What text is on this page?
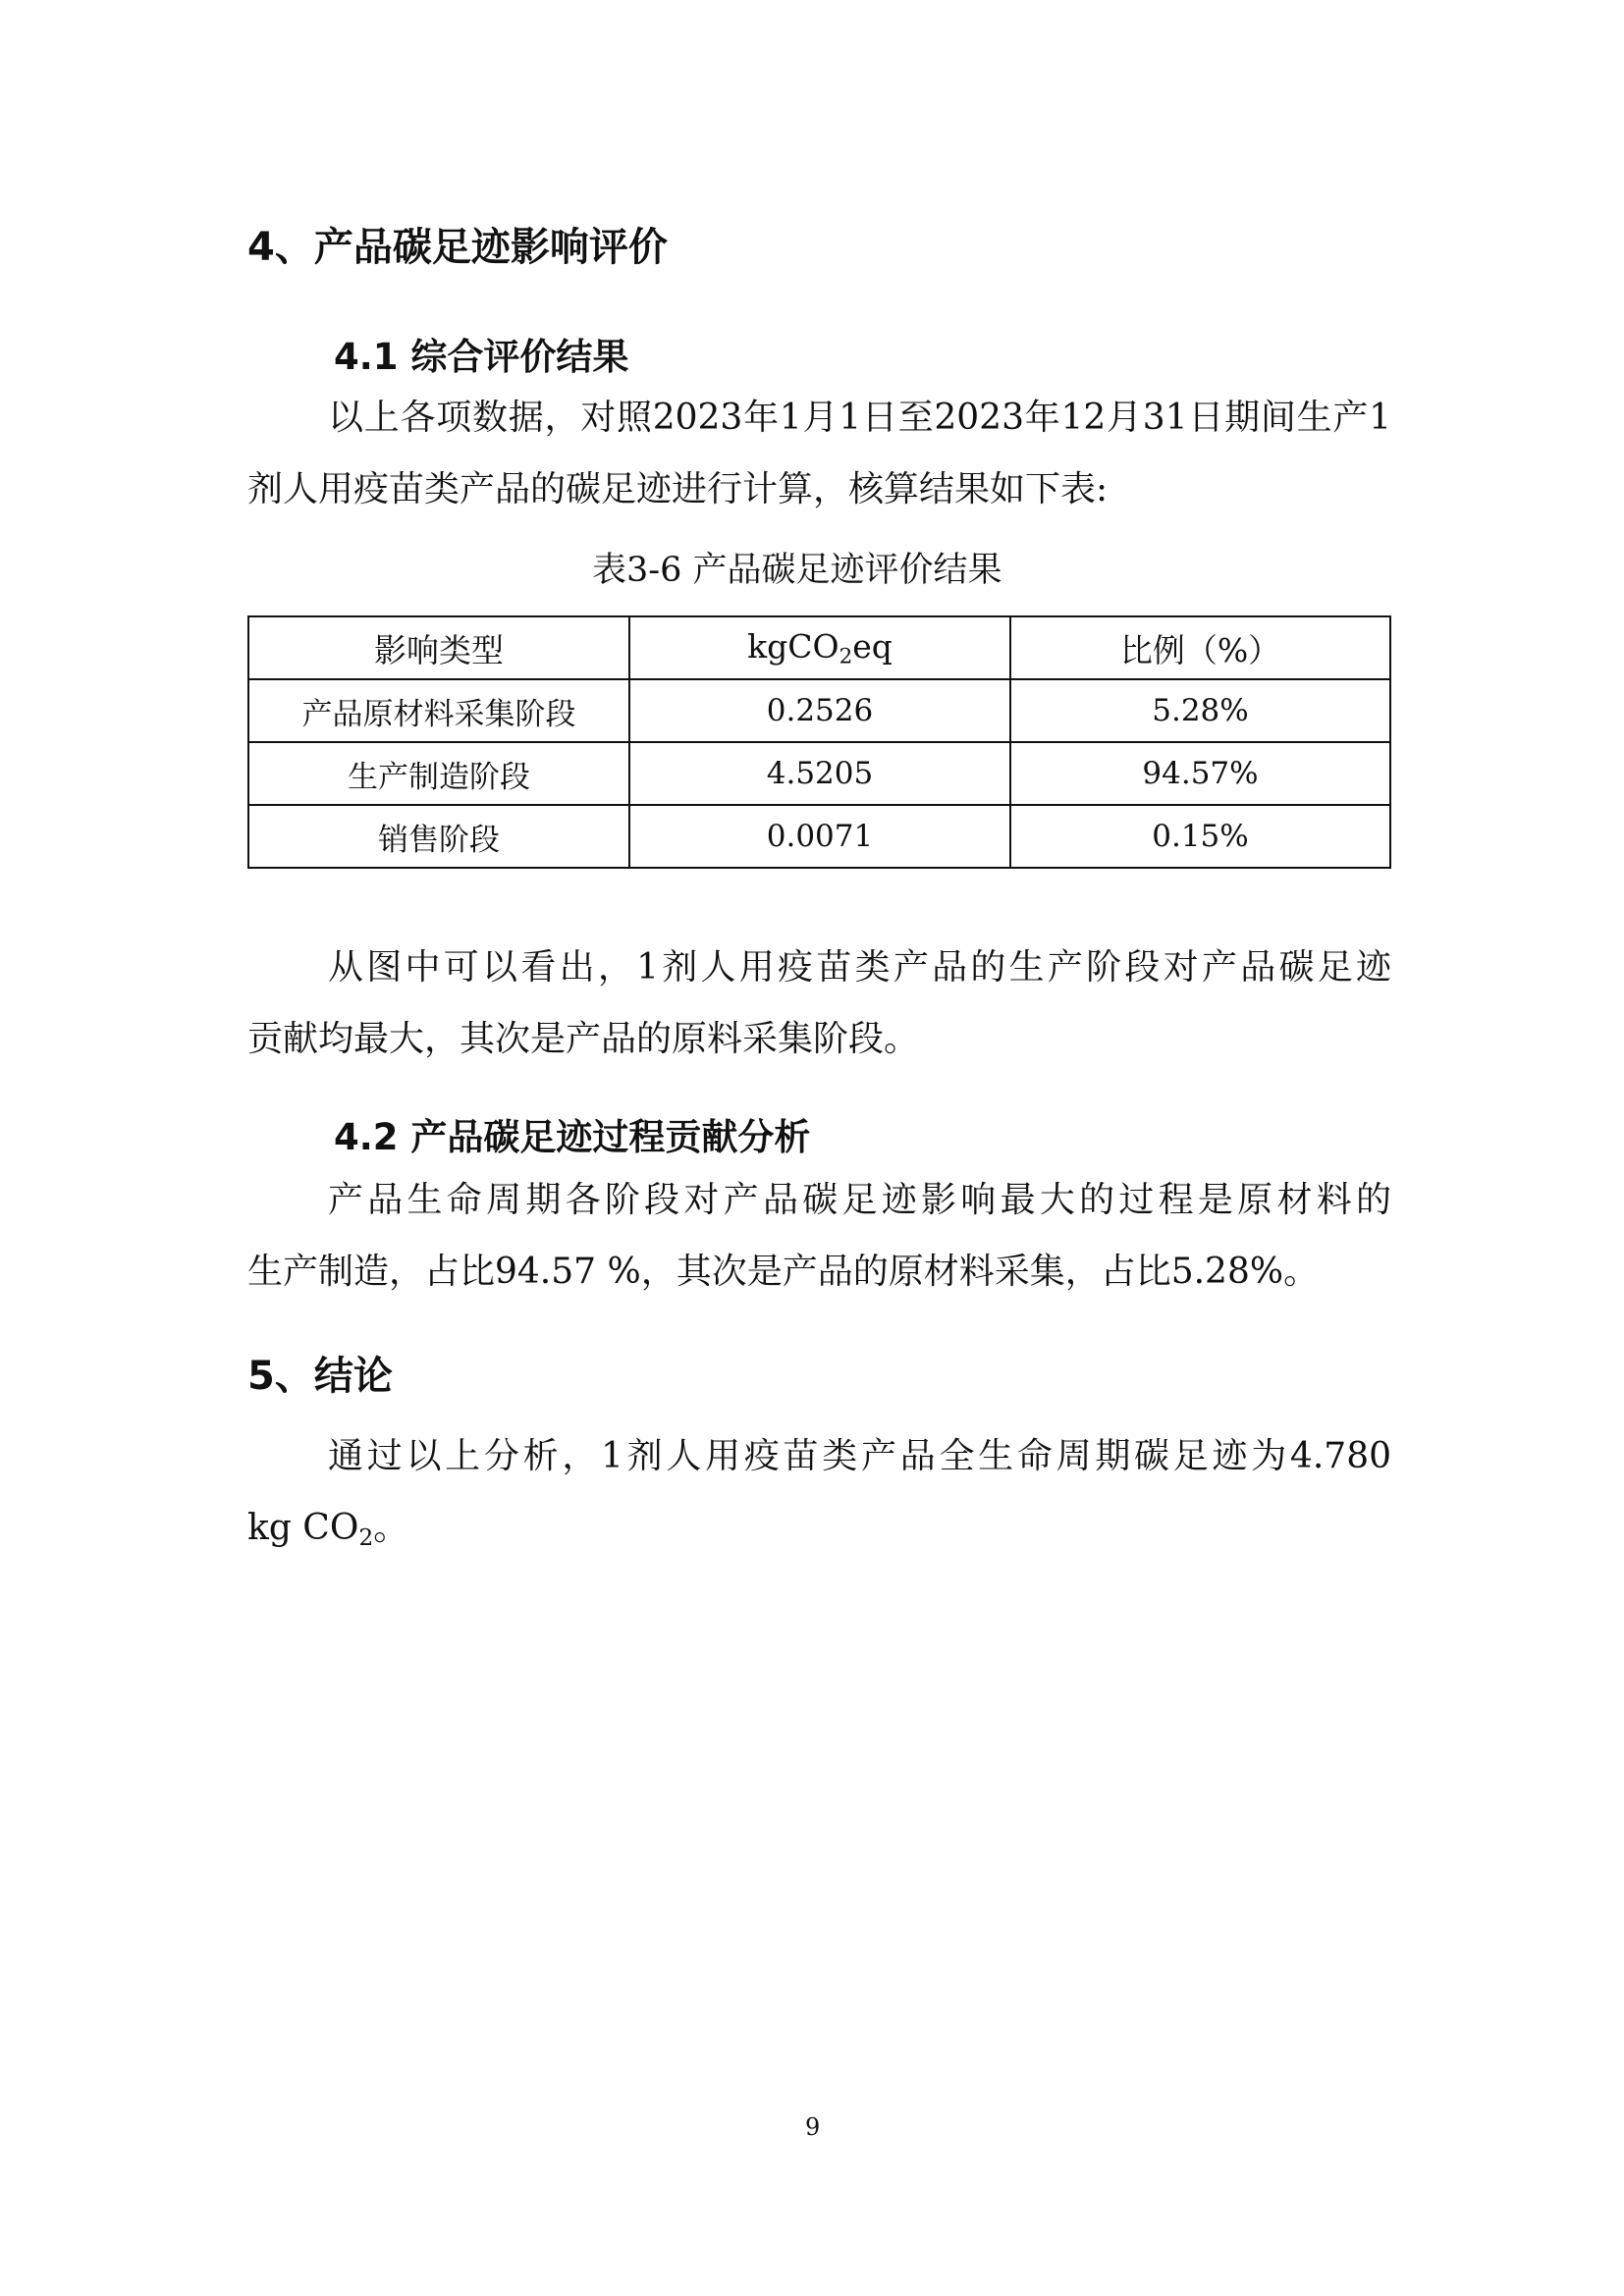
4、产品碳足迹影响评价
4.1 综合评价结果
以上各项数据，对照2023年1月1日至2023年12月31日期间生产1
剂人用疫苗类产品的碳足迹进行计算，核算结果如下表:
表3-6 产品碳足迹评价结果
影响类型	kgCO$_2$eq	比例（%）
产品原材料采集阶段	0.2526	5.28%
生产制造阶段	4.5205	94.57%
销售阶段	0.0071	0.15%
从图中可以看出，1剂人用疫苗类产品的生产阶段对产品碳足迹
贡献均最大，其次是产品的原料采集阶段。
4.2 产品碳足迹过程贡献分析
产品生命周期各阶段对产品碳足迹影响最大的过程是原材料的
生产制造，占比94.57 %，其次是产品的原材料采集，占比5.28%。
5、结论
通过以上分析，1剂人用疫苗类产品全生命周期碳足迹为4.780
kg $CO_2$。
9
